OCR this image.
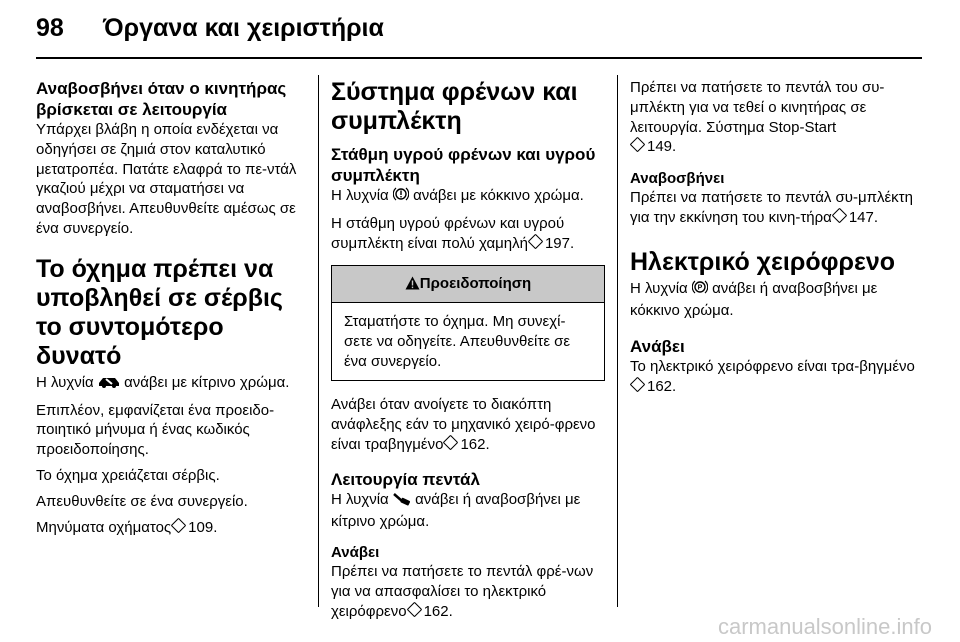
98 Όργανα και χειριστήρια

Αναβοσβήνει όταν ο κινητήρας βρίσκεται σε λειτουργία

Υπάρχει βλάβη η οποία ενδέχεται να οδηγήσει σε ζημιά στον καταλυτικό μετατροπέα. Πατάτε ελαφρά το πε-ντάλ γκαζιού μέχρι να σταματήσει να αναβοσβήνει. Απευθυνθείτε αμέσως σε ένα συνεργείο.

Το όχημα πρέπει να υποβληθεί σε σέρβις το συντομότερο δυνατό

Η λυχνία ανάβει με κίτρινο χρώμα.

Επιπλέον, εμφανίζεται ένα προειδο-ποιητικό μήνυμα ή ένας κωδικός προειδοποίησης.

Το όχημα χρειάζεται σέρβις.

Απευθυνθείτε σε ένα συνεργείο.

Μηνύματα οχήματος 109.

Σύστημα φρένων και συμπλέκτη

Στάθμη υγρού φρένων και υγρού συμπλέκτη

Η λυχνία ανάβει με κόκκινο χρώμα.

Η στάθμη υγρού φρένων και υγρού συμπλέκτη είναι πολύ χαμηλή 197.

Προειδοποίηση
Σταματήστε το όχημα. Μη συνεχί-σετε να οδηγείτε. Απευθυνθείτε σε ένα συνεργείο.

Ανάβει όταν ανοίγετε το διακόπτη ανάφλεξης εάν το μηχανικό χειρό-φρενο είναι τραβηγμένο 162.

Λειτουργία πεντάλ

Η λυχνία ανάβει ή αναβοσβήνει με κίτρινο χρώμα.

Ανάβει

Πρέπει να πατήσετε το πεντάλ φρέ-νων για να απασφαλίσει το ηλεκτρικό χειρόφρενο 162.

Πρέπει να πατήσετε το πεντάλ του συ-μπλέκτη για να τεθεί ο κινητήρας σε λειτουργία. Σύστημα Stop-Start
149.

Αναβοσβήνει

Πρέπει να πατήσετε το πεντάλ συ-μπλέκτη για την εκκίνηση του κινη-τήρα 147.

Ηλεκτρικό χειρόφρενο

Η λυχνία P ανάβει ή αναβοσβήνει με κόκκινο χρώμα.

Ανάβει

Το ηλεκτρικό χειρόφρενο είναι τρα-βηγμένο162.

carmanualsonline.info
